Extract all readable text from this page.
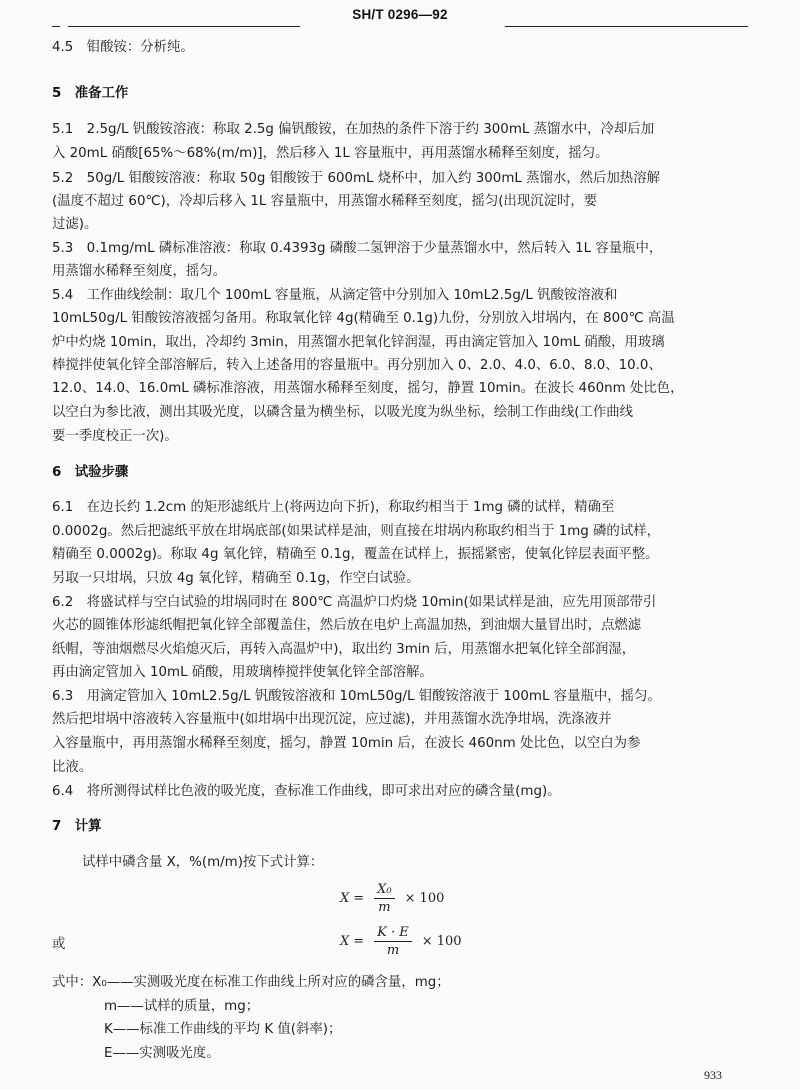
SH/T 0296—92
4.5　钼酸铵：分析纯。
5　准备工作
5.1　2.5g/L 钒酸铵溶液：称取 2.5g 偏钒酸铵，在加热的条件下溶于约 300mL 蒸馏水中，冷却后加
入 20mL 硝酸[65%～68%(m/m)]，然后移入 1L 容量瓶中，再用蒸馏水稀释至刻度，摇匀。
5.2　50g/L 钼酸铵溶液：称取 50g 钼酸铵于 600mL 烧杯中，加入约 300mL 蒸馏水，然后加热溶解
(温度不超过 60℃)，冷却后移入 1L 容量瓶中，用蒸馏水稀释至刻度，摇匀(出现沉淀时，要
过滤)。
5.3　0.1mg/mL 磷标准溶液：称取 0.4393g 磷酸二氢钾溶于少量蒸馏水中，然后转入 1L 容量瓶中，
用蒸馏水稀释至刻度，摇匀。
5.4　工作曲线绘制：取几个 100mL 容量瓶，从滴定管中分别加入 10mL2.5g/L 钒酸铵溶液和
10mL50g/L 钼酸铵溶液摇匀备用。称取氧化锌 4g(精确至 0.1g)九份，分别放入坩埚内，在 800℃ 高温
炉中灼烧 10min，取出，冷却约 3min，用蒸馏水把氧化锌润湿，再由滴定管加入 10mL 硝酸，用玻璃
棒搅拌使氧化锌全部溶解后，转入上述备用的容量瓶中。再分别加入 0、2.0、4.0、6.0、8.0、10.0、
12.0、14.0、16.0mL 磷标准溶液，用蒸馏水稀释至刻度，摇匀，静置 10min。在波长 460nm 处比色，
以空白为参比液，测出其吸光度，以磷含量为横坐标，以吸光度为纵坐标，绘制工作曲线(工作曲线
要一季度校正一次)。
6　试验步骤
6.1　在边长约 1.2cm 的矩形滤纸片上(将两边向下折)，称取约相当于 1mg 磷的试样，精确至
0.0002g。然后把滤纸平放在坩埚底部(如果试样是油，则直接在坩埚内称取约相当于 1mg 磷的试样，
精确至 0.0002g)。称取 4g 氧化锌，精确至 0.1g，覆盖在试样上，振摇紧密，使氧化锌层表面平整。
另取一只坩埚，只放 4g 氧化锌，精确至 0.1g，作空白试验。
6.2　将盛试样与空白试验的坩埚同时在 800℃ 高温炉口灼烧 10min(如果试样是油，应先用顶部带引
火芯的圆锥体形滤纸帽把氧化锌全部覆盖住，然后放在电炉上高温加热，到油烟大量冒出时，点燃滤
纸帽，等油烟燃尽火焰熄灭后，再转入高温炉中)，取出约 3min 后，用蒸馏水把氧化锌全部润湿，
再由滴定管加入 10mL 硝酸，用玻璃棒搅拌使氧化锌全部溶解。
6.3　用滴定管加入 10mL2.5g/L 钒酸铵溶液和 10mL50g/L 钼酸铵溶液于 100mL 容量瓶中，摇匀。
然后把坩埚中溶液转入容量瓶中(如坩埚中出现沉淀，应过滤)，并用蒸馏水洗净坩埚，洗涤液并
入容量瓶中，再用蒸馏水稀释至刻度，摇匀，静置 10min 后，在波长 460nm 处比色，以空白为参
比液。
6.4　将所测得试样比色液的吸光度，查标准工作曲线，即可求出对应的磷含量(mg)。
7　计算
试样中磷含量 X，%(m/m)按下式计算：
$X = \frac{\text{X₀}}{m} \times 100$
或	$X = \frac{K \cdot E}{m} \times 100$
式中：X₀——实测吸光度在标准工作曲线上所对应的磷含量，mg；
m——试样的质量，mg；
K——标准工作曲线的平均 K 值(斜率)；
E——实测吸光度。
933
